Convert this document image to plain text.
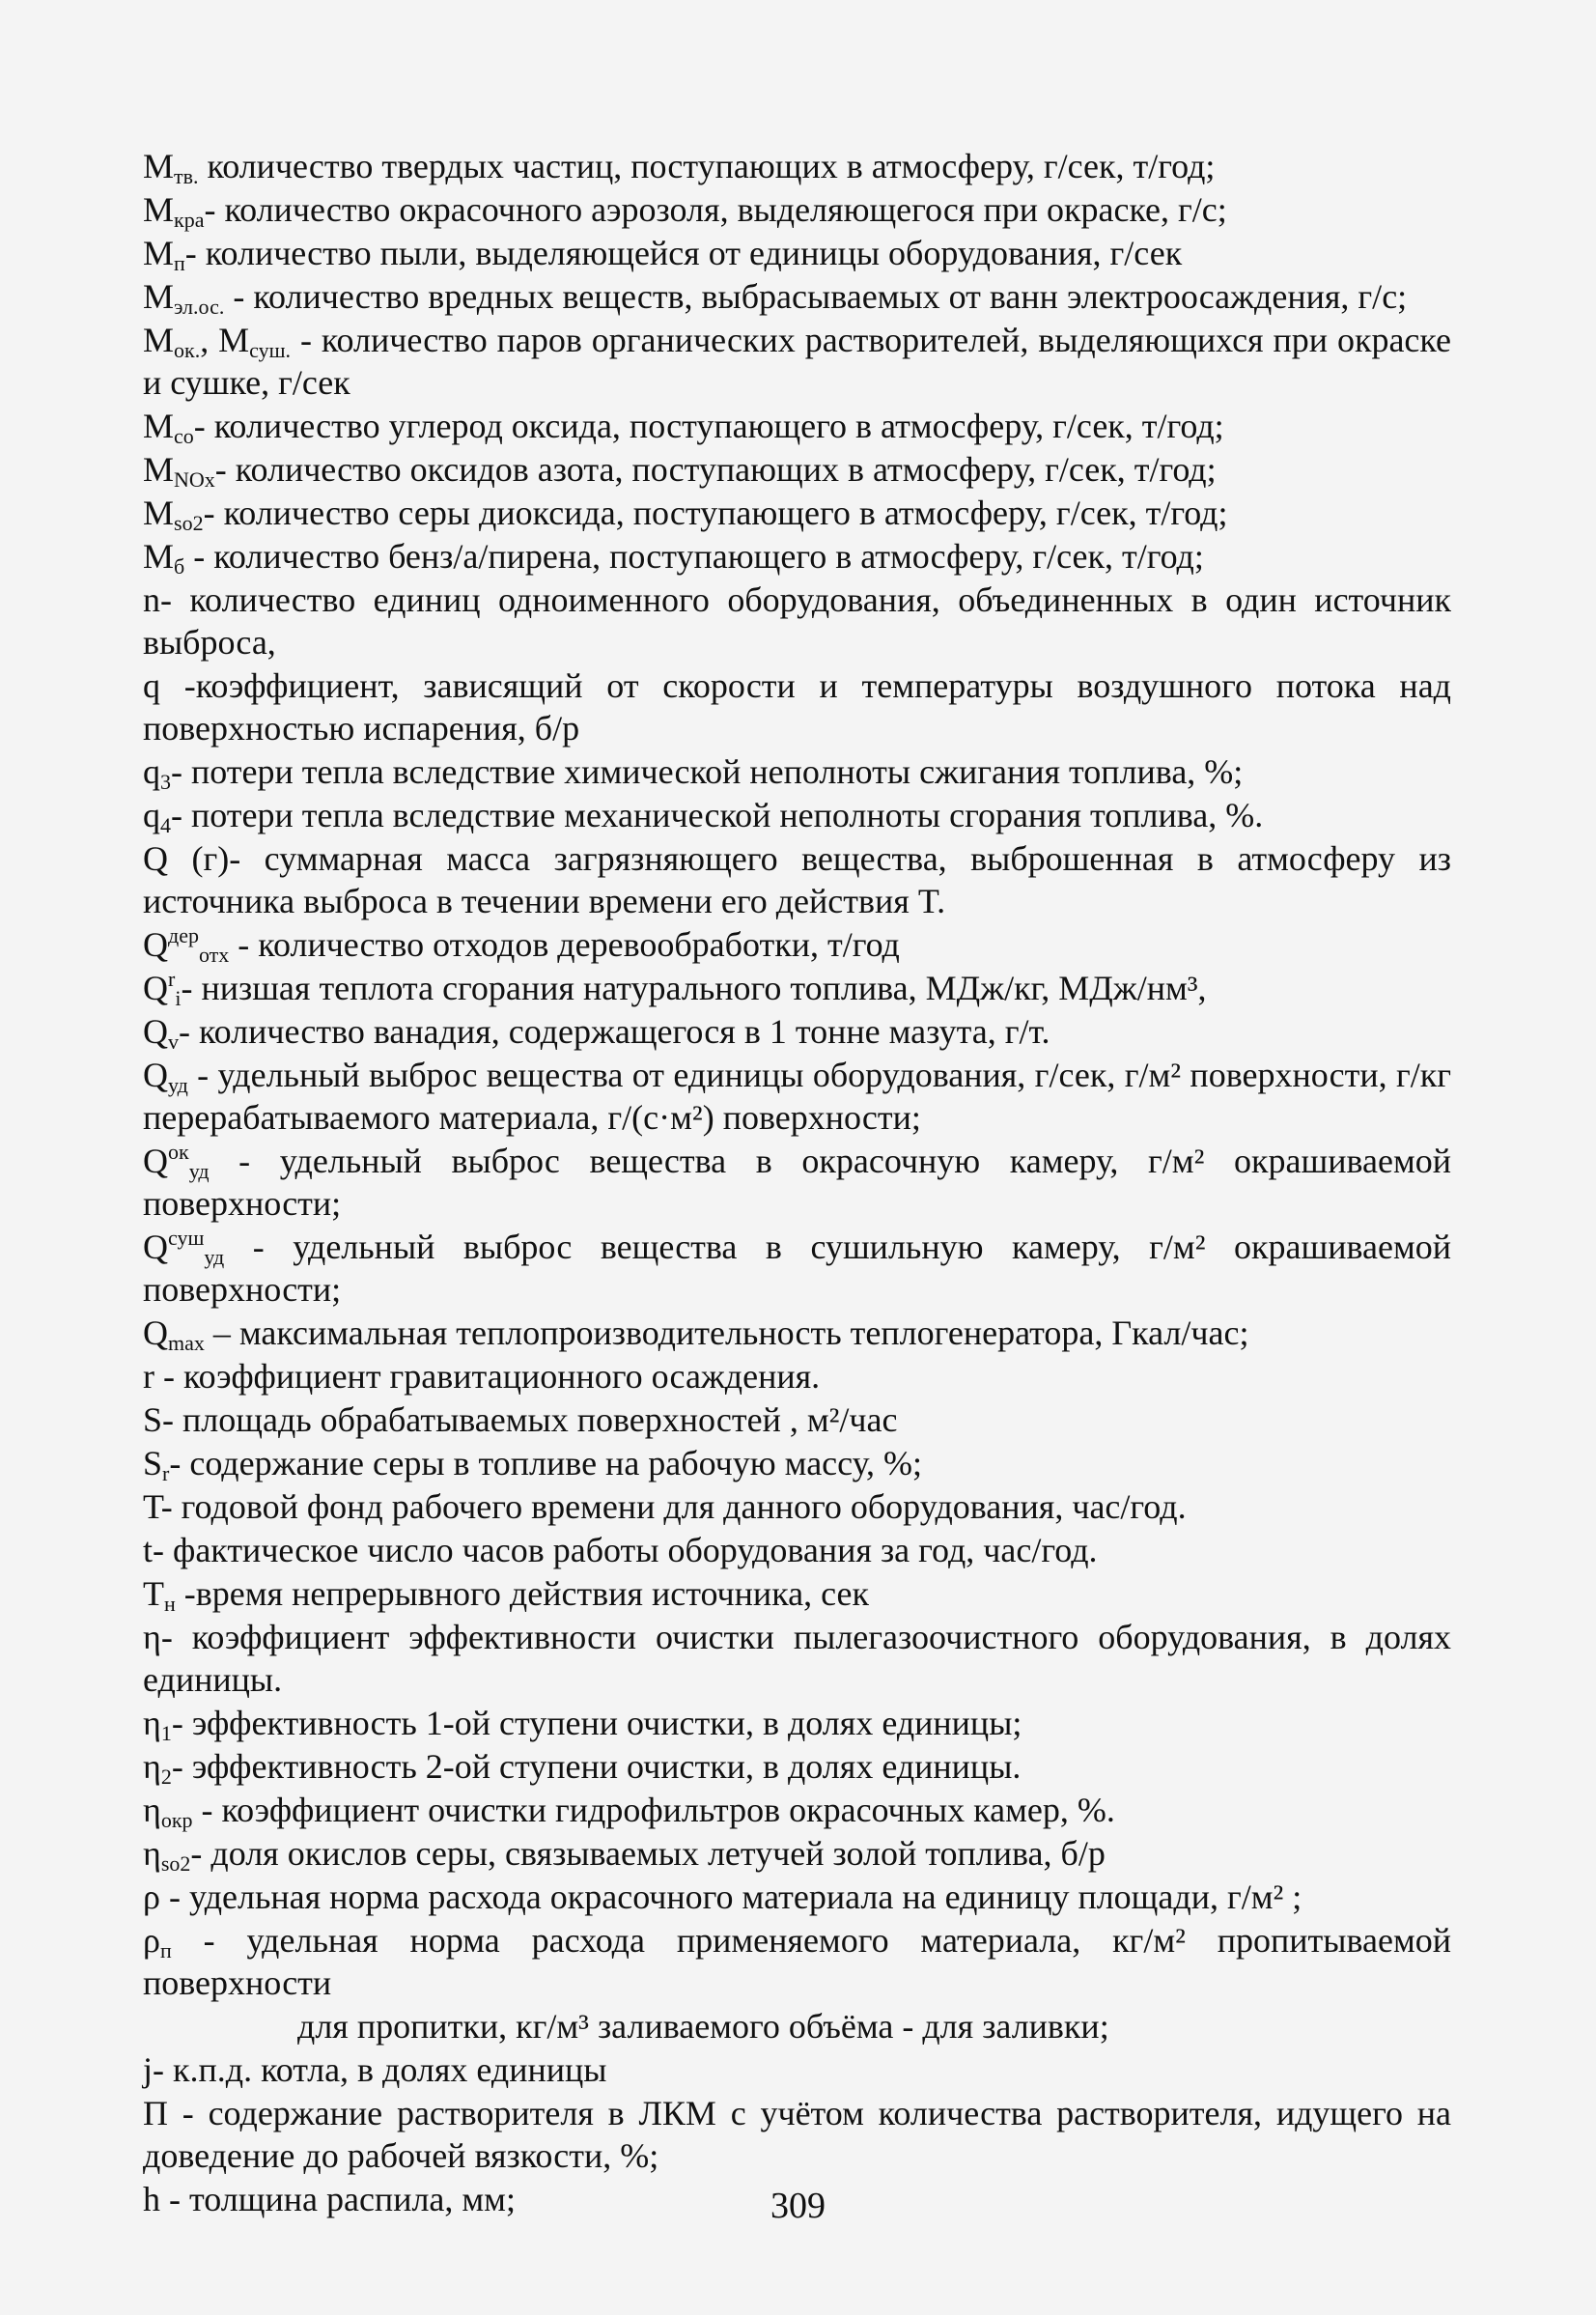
$M_{тв.}$ количество твердых частиц, поступающих в атмосферу, г/сек, т/год;

$M_{кра}-$ количество окрасочного аэрозоля, выделяющегося при окраске, г/с;

$M_п-$ количество пыли, выделяющейся от единицы оборудования, г/сек

$M_{эл.ос.}$ - количество вредных веществ, выбрасываемых от ванн электроосаждения, г/с;

$M_{ок.}$, $M_{суш.}$ - количество паров органических растворителей, выделяющихся при окраске и сушке, г/сек

$M_{co}-$ количество углерод оксида, поступающего в атмосферу, г/сек, т/год;

$M_{NOx}-$ количество оксидов азота, поступающих в атмосферу, г/сек, т/год;

$M_{so2}-$ количество серы диоксида, поступающего в атмосферу, г/сек, т/год;

$M_б$ - количество бенз/а/пирена, поступающего в атмосферу, г/сек, т/год;

n- количество единиц одноименного оборудования, объединенных в один источник выброса,

q -коэффициент, зависящий от скорости и температуры воздушного потока над поверхностью испарения, б/р

$q_3-$ потери тепла вследствие химической неполноты сжигания топлива, %;

$q_4-$ потери тепла вследствие механической неполноты сгорания топлива, %.

Q (г)- суммарная масса загрязняющего вещества, выброшенная в атмосферу из источника выброса в течении времени его действия T.

$Q^{дер}_{отх}$ - количество отходов деревообработки, т/год

$Q^r_i-$ низшая теплота сгорания натурального топлива, МДж/кг, МДж/нм³,

$Q_v-$ количество ванадия, содержащегося в 1 тонне мазута, г/т.

$Q_{уд}$ - удельный выброс вещества от единицы оборудования, г/сек, г/м² поверхности, г/кг перерабатываемого материала, г/(с·м²) поверхности;

$Q^{ок}_{уд}$ - удельный выброс вещества в окрасочную камеру, г/м² окрашиваемой поверхности;

$Q^{суш}_{уд}$ - удельный выброс вещества в сушильную камеру, г/м² окрашиваемой поверхности;

$Q_{max}$ – максимальная теплопроизводительность теплогенератора, Гкал/час;

r - коэффициент гравитационного осаждения.

S- площадь обрабатываемых поверхностей , м²/час

$S_r-$ содержание серы в топливе на рабочую массу, %;

T- годовой фонд рабочего времени для данного оборудования, час/год.

t- фактическое число часов работы оборудования за год, час/год.

$T_н$ -время непрерывного действия источника, сек

η- коэффициент эффективности очистки пылегазоочистного оборудования, в долях единицы.

$\eta_1-$ эффективность 1-ой ступени очистки, в долях единицы;

$\eta_2-$ эффективность 2-ой ступени очистки, в долях единицы.

$\eta_{окр}$ - коэффициент очистки гидрофильтров окрасочных камер, %.

$\eta_{so2}-$ доля окислов серы, связываемых летучей золой топлива, б/р

ρ - удельная норма расхода окрасочного материала на единицу площади, г/м² ;

$\rho_п$ - удельная норма расхода применяемого материала, кг/м² пропитываемой поверхности

для пропитки, кг/м³ заливаемого объёма - для заливки;

j- к.п.д. котла, в долях единицы

П - содержание растворителя в ЛКМ с учётом количества растворителя, идущего на доведение до рабочей вязкости, %;

h - толщина распила, мм;	309
